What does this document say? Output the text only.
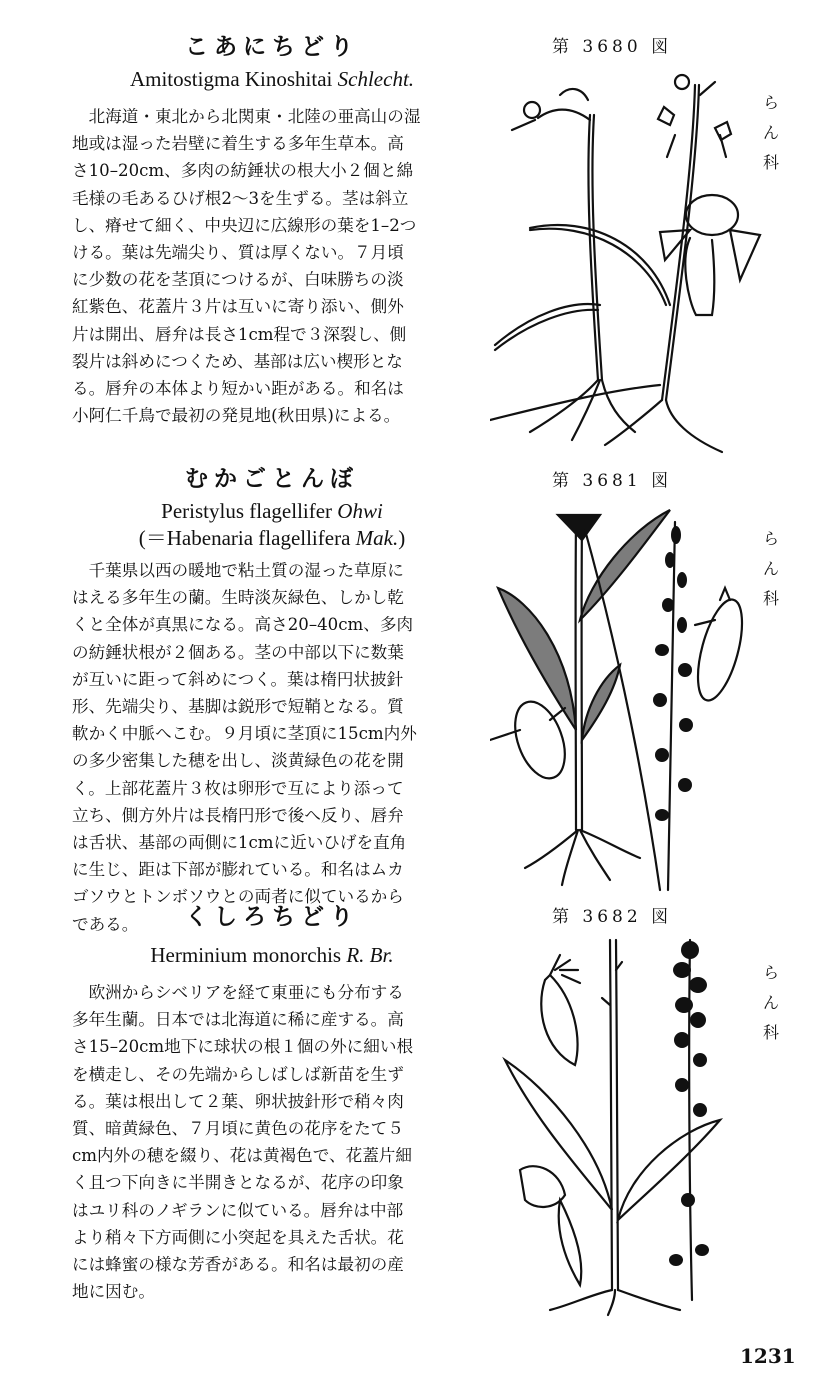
こあにちどり
Amitostigma Kinoshitai Schlecht.
　北海道・東北から北関東・北陸の亜高山の湿
地或は湿った岩壁に着生する多年生草本。高
さ10–20cm、多肉の紡錘状の根大小２個と綿
毛様の毛あるひげ根2〜3を生ずる。茎は斜立
し、瘠せて細く、中央辺に広線形の葉を1–2つ
ける。葉は先端尖り、質は厚くない。７月頃
に少数の花を茎頂につけるが、白味勝ちの淡
紅紫色、花蓋片３片は互いに寄り添い、側外
片は開出、唇弁は長さ1cm程で３深裂し、側
裂片は斜めにつくため、基部は広い楔形とな
る。唇弁の本体より短かい距がある。和名は
小阿仁千鳥で最初の発見地(秋田県)による。
むかごとんぼ
Peristylus flagellifer Ohwi
(＝Habenaria flagellifera Mak.)
　千葉県以西の暖地で粘土質の湿った草原に
はえる多年生の蘭。生時淡灰緑色、しかし乾
くと全体が真黒になる。高さ20–40cm、多肉
の紡錘状根が２個ある。茎の中部以下に数葉
が互いに距って斜めにつく。葉は楕円状披針
形、先端尖り、基脚は鋭形で短鞘となる。質
軟かく中脈へこむ。９月頃に茎頂に15cm内外
の多少密集した穂を出し、淡黄緑色の花を開
く。上部花蓋片３枚は卵形で互により添って
立ち、側方外片は長楕円形で後へ反り、唇弁
は舌状、基部の両側に1cmに近いひげを直角
に生じ、距は下部が膨れている。和名はムカ
ゴソウとトンボソウとの両者に似ているから
である。	くしろちどり
Herminium monorchis R. Br.
　欧洲からシベリアを経て東亜にも分布する
多年生蘭。日本では北海道に稀に産する。高
さ15–20cm地下に球状の根１個の外に細い根
を横走し、その先端からしばしば新苗を生ず
る。葉は根出して２葉、卵状披針形で稍々肉
質、暗黄緑色、７月頃に黄色の花序をたて５
cm内外の穂を綴り、花は黄褐色で、花蓋片細
く且つ下向きに半開きとなるが、花序の印象
はユリ科のノギランに似ている。唇弁は中部
より稍々下方両側に小突起を具えた舌状。花
には蜂蜜の様な芳香がある。和名は最初の産
地に因む。
第 3680 図
第 3681 図
第 3682 図
ら
ん
科
ら
ん
科
ら
ん
科
1231
